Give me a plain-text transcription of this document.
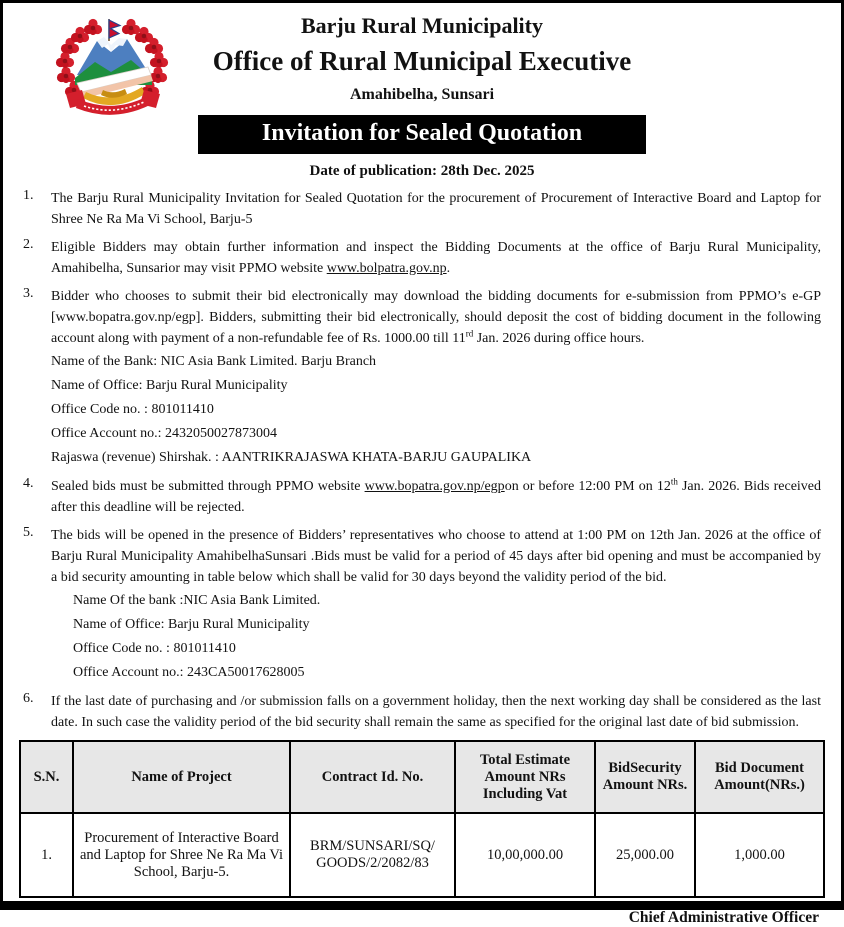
Barju Rural Municipality
Office of Rural Municipal Executive
Amahibelha, Sunsari
Invitation for Sealed Quotation
Date of publication: 28th Dec. 2025
1.	The Barju Rural Municipality Invitation for Sealed Quotation for the procurement of Procurement of Interactive Board and Laptop for Shree Ne Ra Ma Vi School, Barju-5

2.	Eligible Bidders may obtain further information and inspect the Bidding Documents at the office of Barju Rural Municipality, Amahibelha, Sunsarior may visit PPMO website www.bolpatra.gov.np.

3.	Bidder who chooses to submit their bid electronically may download the bidding documents for e-submission from PPMO’s e-GP [www.bopatra.gov.np/egp]. Bidders, submitting their bid electronically, should deposit the cost of bidding document in the following account along with payment of a non-refundable fee of Rs. 1000.00 till 11rd Jan. 2026 during office hours.

Name of the Bank: NIC Asia Bank Limited. Barju Branch
Name of Office: Barju Rural Municipality
Office Code no. : 801011410
Office Account no.: 2432050027873004
Rajaswa (revenue) Shirshak. : AANTRIKRAJASWA KHATA-BARJU GAUPALIKA
4.	Sealed bids must be submitted through PPMO website www.bopatra.gov.np/egpon or before 12:00 PM on 12th Jan. 2026. Bids received after this deadline will be rejected.

5.	The bids will be opened in the presence of Bidders’ representatives who choose to attend at 1:00 PM on 12th Jan. 2026 at the office of Barju Rural Municipality AmahibelhaSunsari .Bids must be valid for a period of 45 days after bid opening and must be accompanied by a bid security amounting in table below which shall be valid for 30 days beyond the validity period of the bid.

Name Of the bank :NIC Asia Bank Limited.
Name of Office: Barju Rural Municipality
Office Code no. : 801011410
Office Account no.: 243CA50017628005
6.	If the last date of purchasing and /or submission falls on a government holiday, then the next working day shall be considered as the last date. In such case the validity period of the bid security shall remain the same as specified for the original last date of bid submission.

S.N.	Name of Project	Contract Id. No.	Total Estimate Amount NRs Including Vat	BidSecurity Amount NRs.	Bid Document Amount(NRs.)
1.	Procurement of Interactive Board and Laptop for Shree Ne Ra Ma Vi School, Barju-5.	BRM/SUNSARI/SQ/ GOODS/2/2082/83	10,00,000.00	25,000.00	1,000.00
Chief Administrative Officer
